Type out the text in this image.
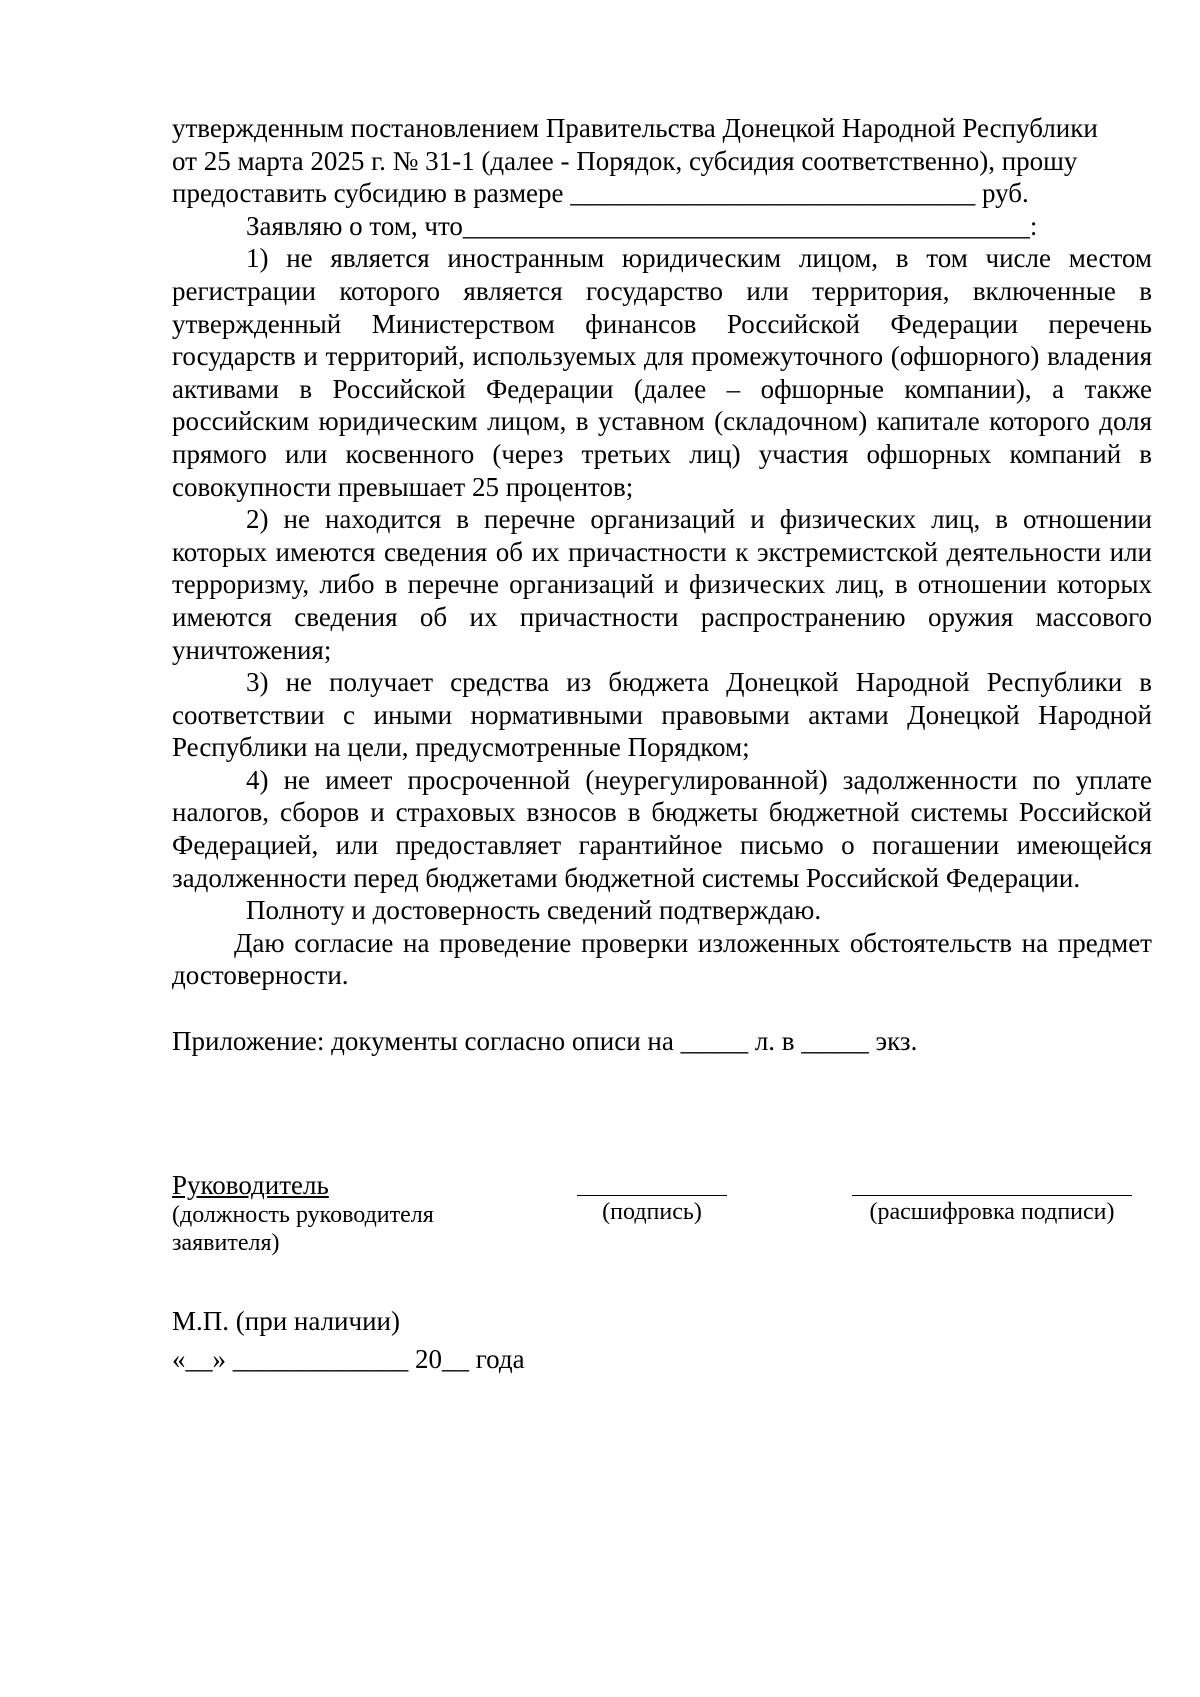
утвержденным постановлением Правительства Донецкой Народной Республики
от 25 марта 2025 г. № 31-1 (далее - Порядок, субсидия соответственно), прошу
предоставить субсидию в размере ______________________________ руб.

Заявляю о том, что__________________________________________:

1) не является иностранным юридическим лицом, в том числе местом регистрации которого является государство или территория, включенные в утвержденный Министерством финансов Российской Федерации перечень государств и территорий, используемых для промежуточного (офшорного) владения активами в Российской Федерации (далее – офшорные компании), а также российским юридическим лицом, в уставном (складочном) капитале которого доля прямого или косвенного (через третьих лиц) участия офшорных компаний в совокупности превышает 25 процентов;

2) не находится в перечне организаций и физических лиц, в отношении которых имеются сведения об их причастности к экстремистской деятельности или терроризму, либо в перечне организаций и физических лиц, в отношении которых имеются сведения об их причастности распространению оружия массового уничтожения;

3) не получает средства из бюджета Донецкой Народной Республики в соответствии с иными нормативными правовыми актами Донецкой Народной Республики на цели, предусмотренные Порядком;

4) не имеет просроченной (неурегулированной) задолженности по уплате налогов, сборов и страховых взносов в бюджеты бюджетной системы Российской Федерацией, или предоставляет гарантийное письмо о погашении имеющейся задолженности перед бюджетами бюджетной системы Российской Федерации.

Полноту и достоверность сведений подтверждаю.

Даю согласие на проведение проверки изложенных обстоятельств на предмет достоверности.

Приложение: документы согласно описи на _____ л. в _____ экз.

Руководитель
(должность руководителя заявителя)
(подпись)	(расшифровка подписи)
М.П. (при наличии)
«__» _____________ 20__ года
